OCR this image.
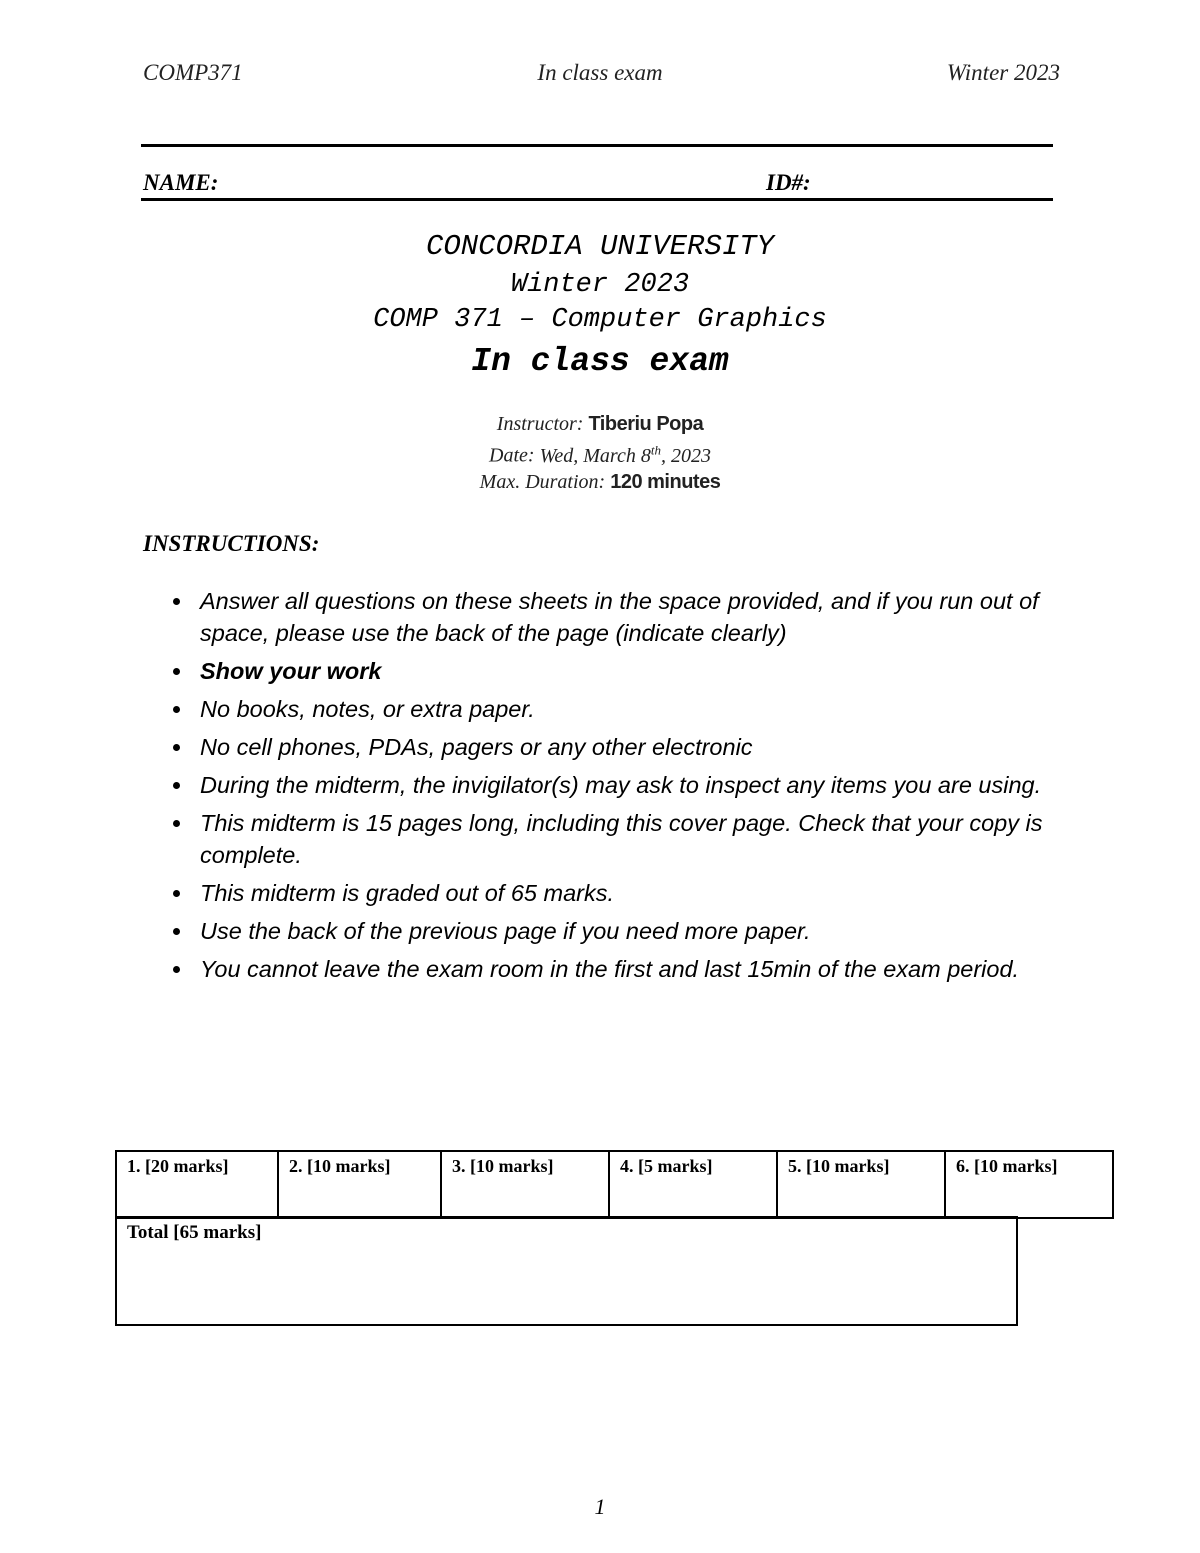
COMP371	In class exam	Winter 2023
NAME:	ID#:
CONCORDIA UNIVERSITY
Winter 2023
COMP 371 – Computer Graphics
In class exam
Instructor: Tiberiu Popa
Date: Wed, March 8th, 2023
Max. Duration: 120 minutes
INSTRUCTIONS:
Answer all questions on these sheets in the space provided, and if you run out of space, please use the back of the page (indicate clearly)
Show your work
No books, notes, or extra paper.
No cell phones, PDAs, pagers or any other electronic
During the midterm, the invigilator(s) may ask to inspect any items you are using.
This midterm is 15 pages long, including this cover page. Check that your copy is complete.
This midterm is graded out of 65 marks.
Use the back of the previous page if you need more paper.
You cannot leave the exam room in the first and last 15min of the exam period.
1. [20 marks]	2. [10 marks]	3. [10 marks]	4. [5 marks]	5. [10 marks]	6. [10 marks]
Total [65 marks]
1
